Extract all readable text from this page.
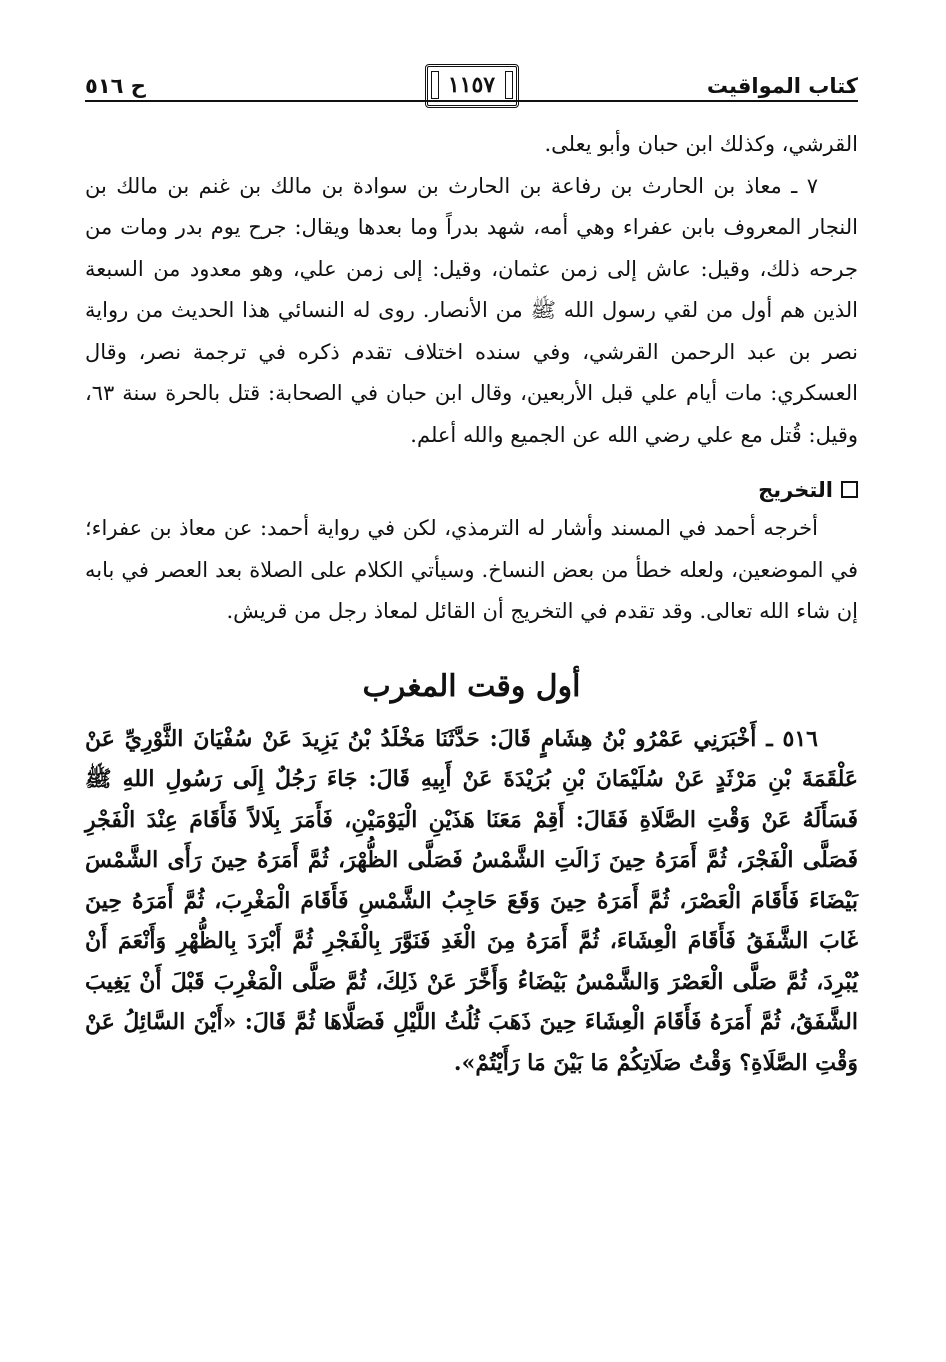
كتاب المواقيت
١١٥٧
ح ٥١٦

القرشي، وكذلك ابن حبان وأبو يعلى.

٧ ـ معاذ بن الحارث بن رفاعة بن الحارث بن سوادة بن مالك بن غنم بن مالك بن النجار المعروف بابن عفراء وهي أمه، شهد بدراً وما بعدها ويقال: جرح يوم بدر ومات من جرحه ذلك، وقيل: عاش إلى زمن عثمان، وقيل: إلى زمن علي، وهو معدود من السبعة الذين هم أول من لقي رسول الله ﷺ من الأنصار. روى له النسائي هذا الحديث من رواية نصر بن عبد الرحمن القرشي، وفي سنده اختلاف تقدم ذكره في ترجمة نصر، وقال العسكري: مات أيام علي قبل الأربعين، وقال ابن حبان في الصحابة: قتل بالحرة سنة ٦٣، وقيل: قُتل مع علي رضي الله عن الجميع والله أعلم.

التخريج

أخرجه أحمد في المسند وأشار له الترمذي، لكن في رواية أحمد: عن معاذ بن عفراء؛ في الموضعين، ولعله خطأ من بعض النساخ. وسيأتي الكلام على الصلاة بعد العصر في بابه إن شاء الله تعالى. وقد تقدم في التخريج أن القائل لمعاذ رجل من قريش.

أول وقت المغرب

٥١٦ ـ أَخْبَرَنِي عَمْرُو بْنُ هِشَامٍ قَالَ: حَدَّثَنَا مَخْلَدُ بْنُ يَزِيدَ عَنْ سُفْيَانَ الثَّوْرِيِّ عَنْ عَلْقَمَةَ بْنِ مَرْثَدٍ عَنْ سُلَيْمَانَ بْنِ بُرَيْدَةَ عَنْ أَبِيهِ قَالَ: جَاءَ رَجُلٌ إِلَى رَسُولِ اللهِ ﷺ فَسَأَلَهُ عَنْ وَقْتِ الصَّلَاةِ فَقَالَ: أَقِمْ مَعَنَا هَذَيْنِ الْيَوْمَيْنِ، فَأَمَرَ بِلَالاً فَأَقَامَ عِنْدَ الْفَجْرِ فَصَلَّى الْفَجْرَ، ثُمَّ أَمَرَهُ حِينَ زَالَتِ الشَّمْسُ فَصَلَّى الظُّهْرَ، ثُمَّ أَمَرَهُ حِينَ رَأَى الشَّمْسَ بَيْضَاءَ فَأَقَامَ الْعَصْرَ، ثُمَّ أَمَرَهُ حِينَ وَقَعَ حَاجِبُ الشَّمْسِ فَأَقَامَ الْمَغْرِبَ، ثُمَّ أَمَرَهُ حِينَ غَابَ الشَّفَقُ فَأَقَامَ الْعِشَاءَ، ثُمَّ أَمَرَهُ مِنَ الْغَدِ فَنَوَّرَ بِالْفَجْرِ ثُمَّ أَبْرَدَ بِالظُّهْرِ وَأَنْعَمَ أَنْ يُبْرِدَ، ثُمَّ صَلَّى الْعَصْرَ وَالشَّمْسُ بَيْضَاءُ وَأَخَّرَ عَنْ ذَلِكَ، ثُمَّ صَلَّى الْمَغْرِبَ قَبْلَ أَنْ يَغِيبَ الشَّفَقُ، ثُمَّ أَمَرَهُ فَأَقَامَ الْعِشَاءَ حِينَ ذَهَبَ ثُلُثُ اللَّيْلِ فَصَلَّاهَا ثُمَّ قَالَ: «أَيْنَ السَّائِلُ عَنْ وَقْتِ الصَّلَاةِ؟ وَقْتُ صَلَاتِكُمْ مَا بَيْنَ مَا رَأَيْتُمْ».
